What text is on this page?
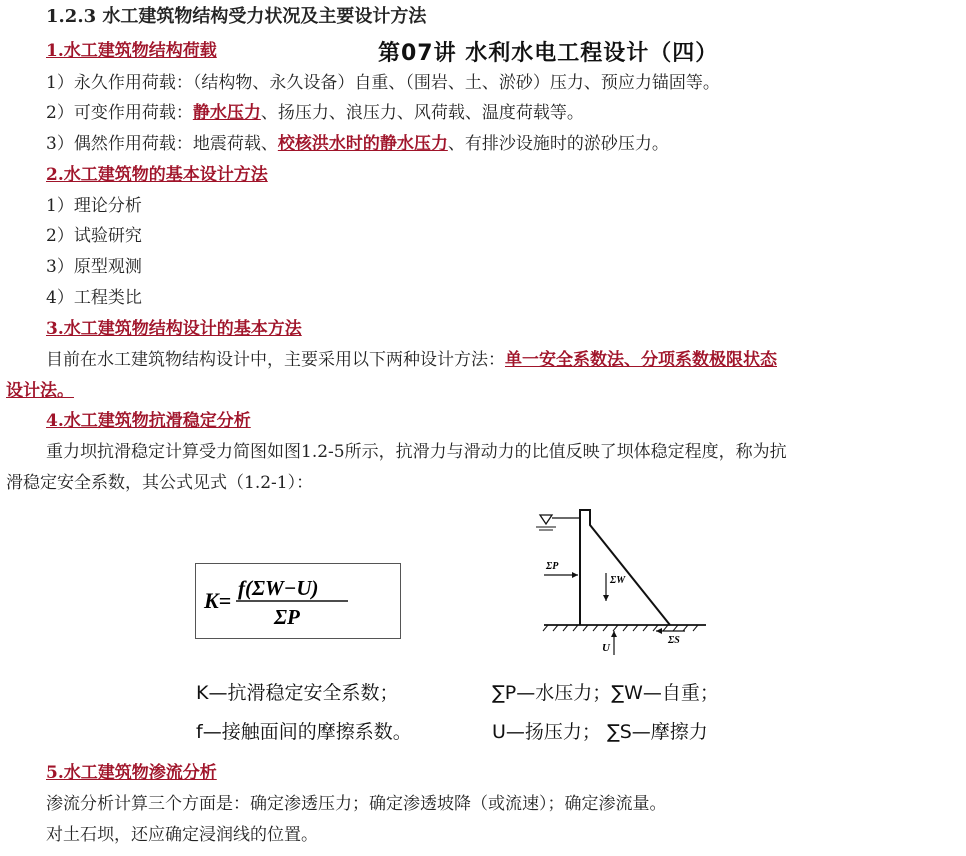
1.2.3 水工建筑物结构受力状况及主要设计方法
第07讲 水利水电工程设计（四）
1.水工建筑物结构荷载
1）永久作用荷载：（结构物、永久设备）自重、（围岩、土、淤砂）压力、预应力锚固等。
2）可变作用荷载：静水压力、扬压力、浪压力、风荷载、温度荷载等。
3）偶然作用荷载：地震荷载、校核洪水时的静水压力、有排沙设施时的淤砂压力。
2.水工建筑物的基本设计方法
1）理论分析
2）试验研究
3）原型观测
4）工程类比
3.水工建筑物结构设计的基本方法
目前在水工建筑物结构设计中，主要采用以下两种设计方法：单一安全系数法、分项系数极限状态
设计法。
4.水工建筑物抗滑稳定分析
重力坝抗滑稳定计算受力简图如图1.2-5所示，抗滑力与滑动力的比值反映了坝体稳定程度，称为抗
滑稳定安全系数，其公式见式（1.2-1）：
K= f(ΣW−U)
ΣP
ΣP
ΣW
U
ΣS
K—抗滑稳定安全系数；
f—接触面间的摩擦系数。
∑P—水压力；∑W—自重；
U—扬压力； ∑S—摩擦力
5.水工建筑物渗流分析
渗流分析计算三个方面是：确定渗透压力；确定渗透坡降（或流速）；确定渗流量。
对土石坝，还应确定浸润线的位置。
